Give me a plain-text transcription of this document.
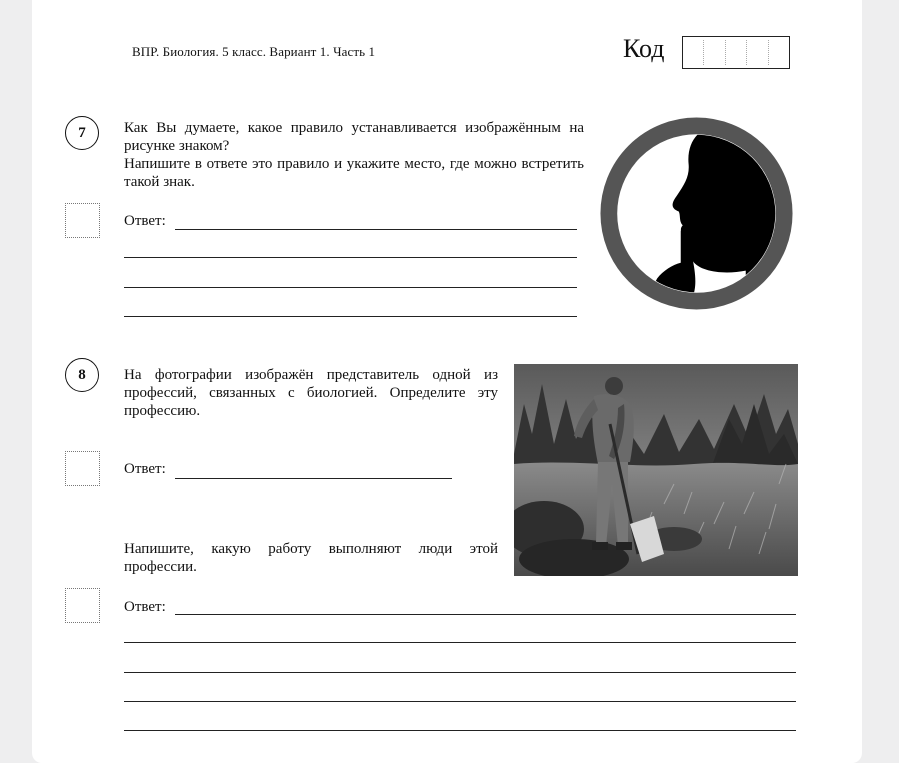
ВПР. Биология. 5 класс. Вариант 1. Часть 1	Код
7	Как Вы думаете, какое правило устанавливается изображённым на рисунке знаком?
Напишите в ответе это правило и укажите место, где можно встретить такой знак.
Ответ:
8	На фотографии изображён представитель одной из профессий, связанных с биологией. Определите эту профессию.
Ответ:
Напишите, какую работу выполняют люди этой профессии.
Ответ:
